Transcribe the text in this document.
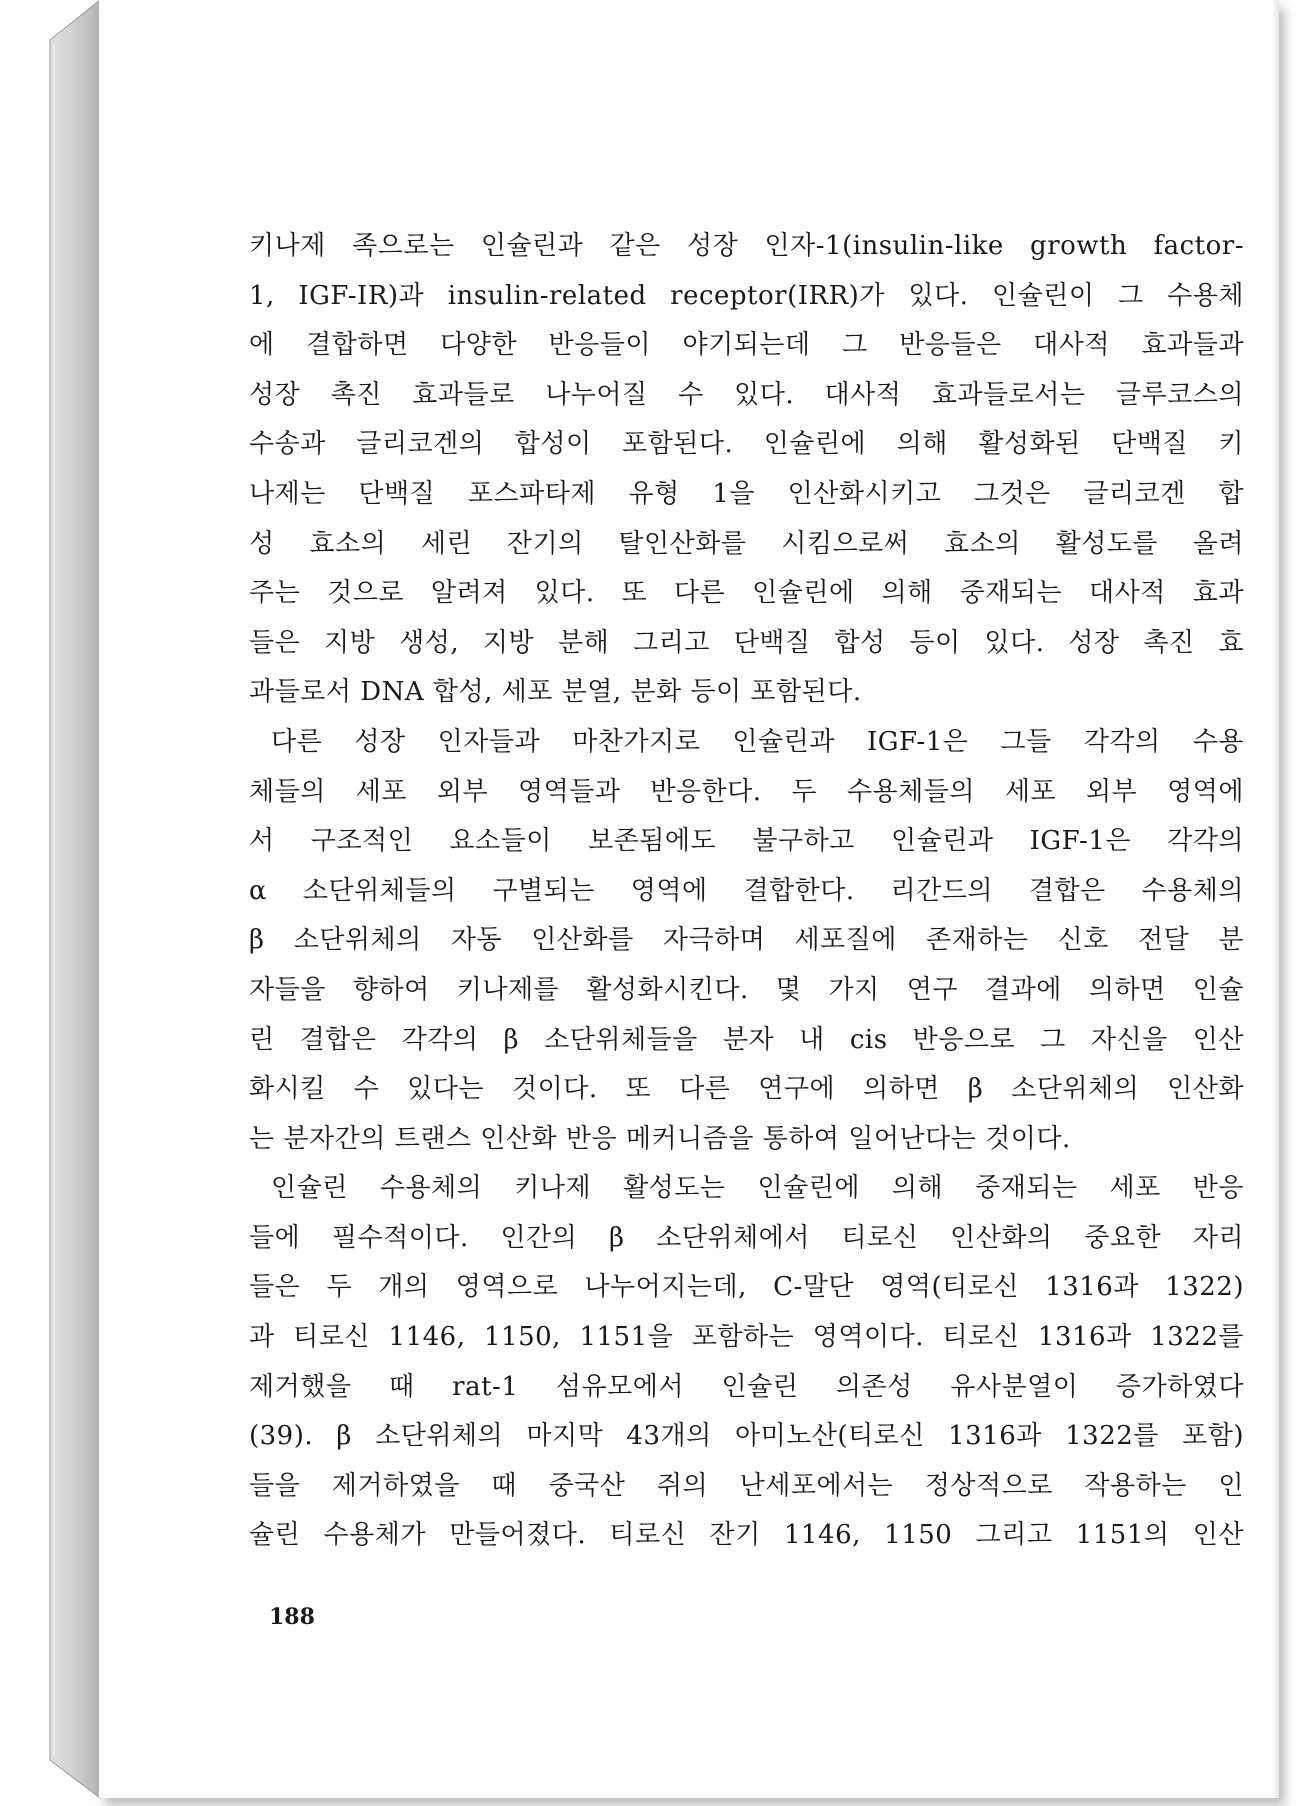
키나제 족으로는 인슐린과 같은 성장 인자-1(insulin-like growth factor-
1, IGF-IR)과 insulin-related receptor(IRR)가 있다. 인슐린이 그 수용체
에 결합하면 다양한 반응들이 야기되는데 그 반응들은 대사적 효과들과
성장 촉진 효과들로 나누어질 수 있다. 대사적 효과들로서는 글루코스의
수송과 글리코겐의 합성이 포함된다. 인슐린에 의해 활성화된 단백질 키
나제는 단백질 포스파타제 유형 1을 인산화시키고 그것은 글리코겐 합
성 효소의 세린 잔기의 탈인산화를 시킴으로써 효소의 활성도를 올려
주는 것으로 알려져 있다. 또 다른 인슐린에 의해 중재되는 대사적 효과
들은 지방 생성, 지방 분해 그리고 단백질 합성 등이 있다. 성장 촉진 효
과들로서 DNA 합성, 세포 분열, 분화 등이 포함된다.
다른 성장 인자들과 마찬가지로 인슐린과 IGF-1은 그들 각각의 수용
체들의 세포 외부 영역들과 반응한다. 두 수용체들의 세포 외부 영역에
서 구조적인 요소들이 보존됨에도 불구하고 인슐린과 IGF-1은 각각의
α 소단위체들의 구별되는 영역에 결합한다. 리간드의 결합은 수용체의
β 소단위체의 자동 인산화를 자극하며 세포질에 존재하는 신호 전달 분
자들을 향하여 키나제를 활성화시킨다. 몇 가지 연구 결과에 의하면 인슐
린 결합은 각각의 β 소단위체들을 분자 내 cis 반응으로 그 자신을 인산
화시킬 수 있다는 것이다. 또 다른 연구에 의하면 β 소단위체의 인산화
는 분자간의 트랜스 인산화 반응 메커니즘을 통하여 일어난다는 것이다.
인슐린 수용체의 키나제 활성도는 인슐린에 의해 중재되는 세포 반응
들에 필수적이다. 인간의 β 소단위체에서 티로신 인산화의 중요한 자리
들은 두 개의 영역으로 나누어지는데, C-말단 영역(티로신 1316과 1322)
과 티로신 1146, 1150, 1151을 포함하는 영역이다. 티로신 1316과 1322를
제거했을 때 rat-1 섬유모에서 인슐린 의존성 유사분열이 증가하였다
(39). β 소단위체의 마지막 43개의 아미노산(티로신 1316과 1322를 포함)
들을 제거하였을 때 중국산 쥐의 난세포에서는 정상적으로 작용하는 인
슐린 수용체가 만들어졌다. 티로신 잔기 1146, 1150 그리고 1151의 인산
188
